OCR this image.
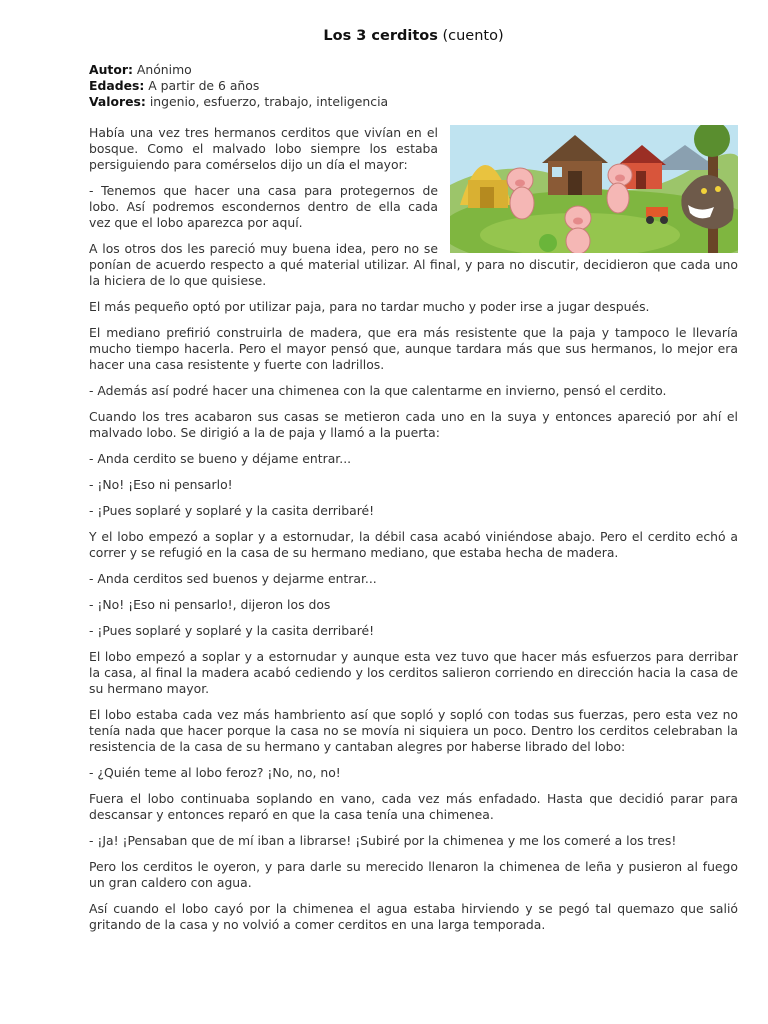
Los 3 cerditos (cuento)
Autor: Anónimo
Edades: A partir de 6 años
Valores: ingenio, esfuerzo, trabajo, inteligencia

Había una vez tres hermanos cerditos que vivían en el bosque. Como el malvado lobo siempre los estaba persiguiendo para comérselos dijo un día el mayor:

- Tenemos que hacer una casa para protegernos de lobo. Así podremos escondernos dentro de ella cada vez que el lobo aparezca por aquí.

A los otros dos les pareció muy buena idea, pero no se ponían de acuerdo respecto a qué material utilizar. Al final, y para no discutir, decidieron que cada uno la hiciera de lo que quisiese.

El más pequeño optó por utilizar paja, para no tardar mucho y poder irse a jugar después.

El mediano prefirió construirla de madera, que era más resistente que la paja y tampoco le llevaría mucho tiempo hacerla. Pero el mayor pensó que, aunque tardara más que sus hermanos, lo mejor era hacer una casa resistente y fuerte con ladrillos.

- Además así podré hacer una chimenea con la que calentarme en invierno, pensó el cerdito.

Cuando los tres acabaron sus casas se metieron cada uno en la suya y entonces apareció por ahí el malvado lobo. Se dirigió a la de paja y llamó a la puerta:

- Anda cerdito se bueno y déjame entrar...

- ¡No! ¡Eso ni pensarlo!

- ¡Pues soplaré y soplaré y la casita derribaré!

Y el lobo empezó a soplar y a estornudar, la débil casa acabó viniéndose abajo. Pero el cerdito echó a correr y se refugió en la casa de su hermano mediano, que estaba hecha de madera.

- Anda cerditos sed buenos y dejarme entrar...

- ¡No! ¡Eso ni pensarlo!, dijeron los dos

- ¡Pues soplaré y soplaré y la casita derribaré!

El lobo empezó a soplar y a estornudar y aunque esta vez tuvo que hacer más esfuerzos para derribar la casa, al final la madera acabó cediendo y los cerditos salieron corriendo en dirección hacia la casa de su hermano mayor.

El lobo estaba cada vez más hambriento así que sopló y sopló con todas sus fuerzas, pero esta vez no tenía nada que hacer porque la casa no se movía ni siquiera un poco. Dentro los cerditos celebraban la resistencia de la casa de su hermano y cantaban alegres por haberse librado del lobo:

- ¿Quién teme al lobo feroz? ¡No, no, no!

Fuera el lobo continuaba soplando en vano, cada vez más enfadado. Hasta que decidió parar para descansar y entonces reparó en que la casa tenía una chimenea.

- ¡Ja! ¡Pensaban que de mí iban a librarse! ¡Subiré por la chimenea y me los comeré a los tres!

Pero los cerditos le oyeron, y para darle su merecido llenaron la chimenea de leña y pusieron al fuego un gran caldero con agua.

Así cuando el lobo cayó por la chimenea el agua estaba hirviendo y se pegó tal quemazo que salió gritando de la casa y no volvió a comer cerditos en una larga temporada.
